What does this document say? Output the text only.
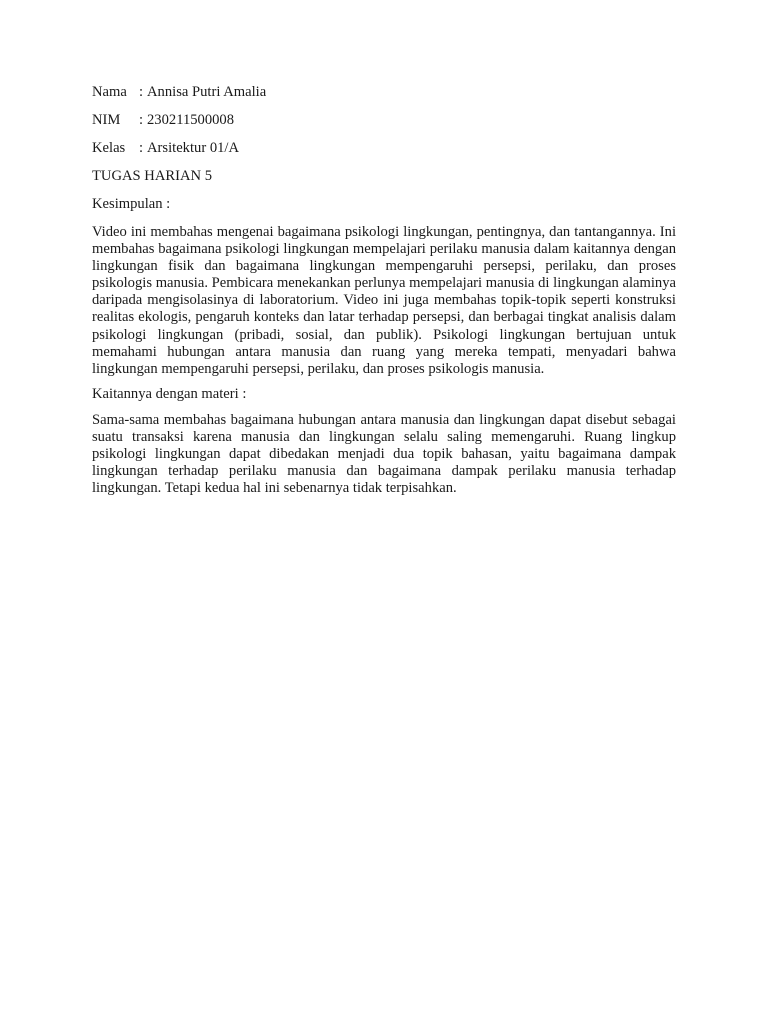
Nama : Annisa Putri Amalia
NIM	: 230211500008
Kelas : Arsitektur 01/A
TUGAS HARIAN 5
Kesimpulan :

Video ini membahas mengenai bagaimana psikologi lingkungan, pentingnya, dan tantangannya. Ini membahas bagaimana psikologi lingkungan mempelajari perilaku manusia dalam kaitannya dengan lingkungan fisik dan bagaimana lingkungan mempengaruhi persepsi, perilaku, dan proses psikologis manusia. Pembicara menekankan perlunya mempelajari manusia di lingkungan alaminya daripada mengisolasinya di laboratorium. Video ini juga membahas topik-topik seperti konstruksi realitas ekologis, pengaruh konteks dan latar terhadap persepsi, dan berbagai tingkat analisis dalam psikologi lingkungan (pribadi, sosial, dan publik). Psikologi lingkungan bertujuan untuk memahami hubungan antara manusia dan ruang yang mereka tempati, menyadari bahwa lingkungan mempengaruhi persepsi, perilaku, dan proses psikologis manusia.

Kaitannya dengan materi :

Sama-sama membahas bagaimana hubungan antara manusia dan lingkungan dapat disebut sebagai suatu transaksi karena manusia dan lingkungan selalu saling memengaruhi. Ruang lingkup psikologi lingkungan dapat dibedakan menjadi dua topik bahasan, yaitu bagaimana dampak lingkungan terhadap perilaku manusia dan bagaimana dampak perilaku manusia terhadap lingkungan. Tetapi kedua hal ini sebenarnya tidak terpisahkan.
